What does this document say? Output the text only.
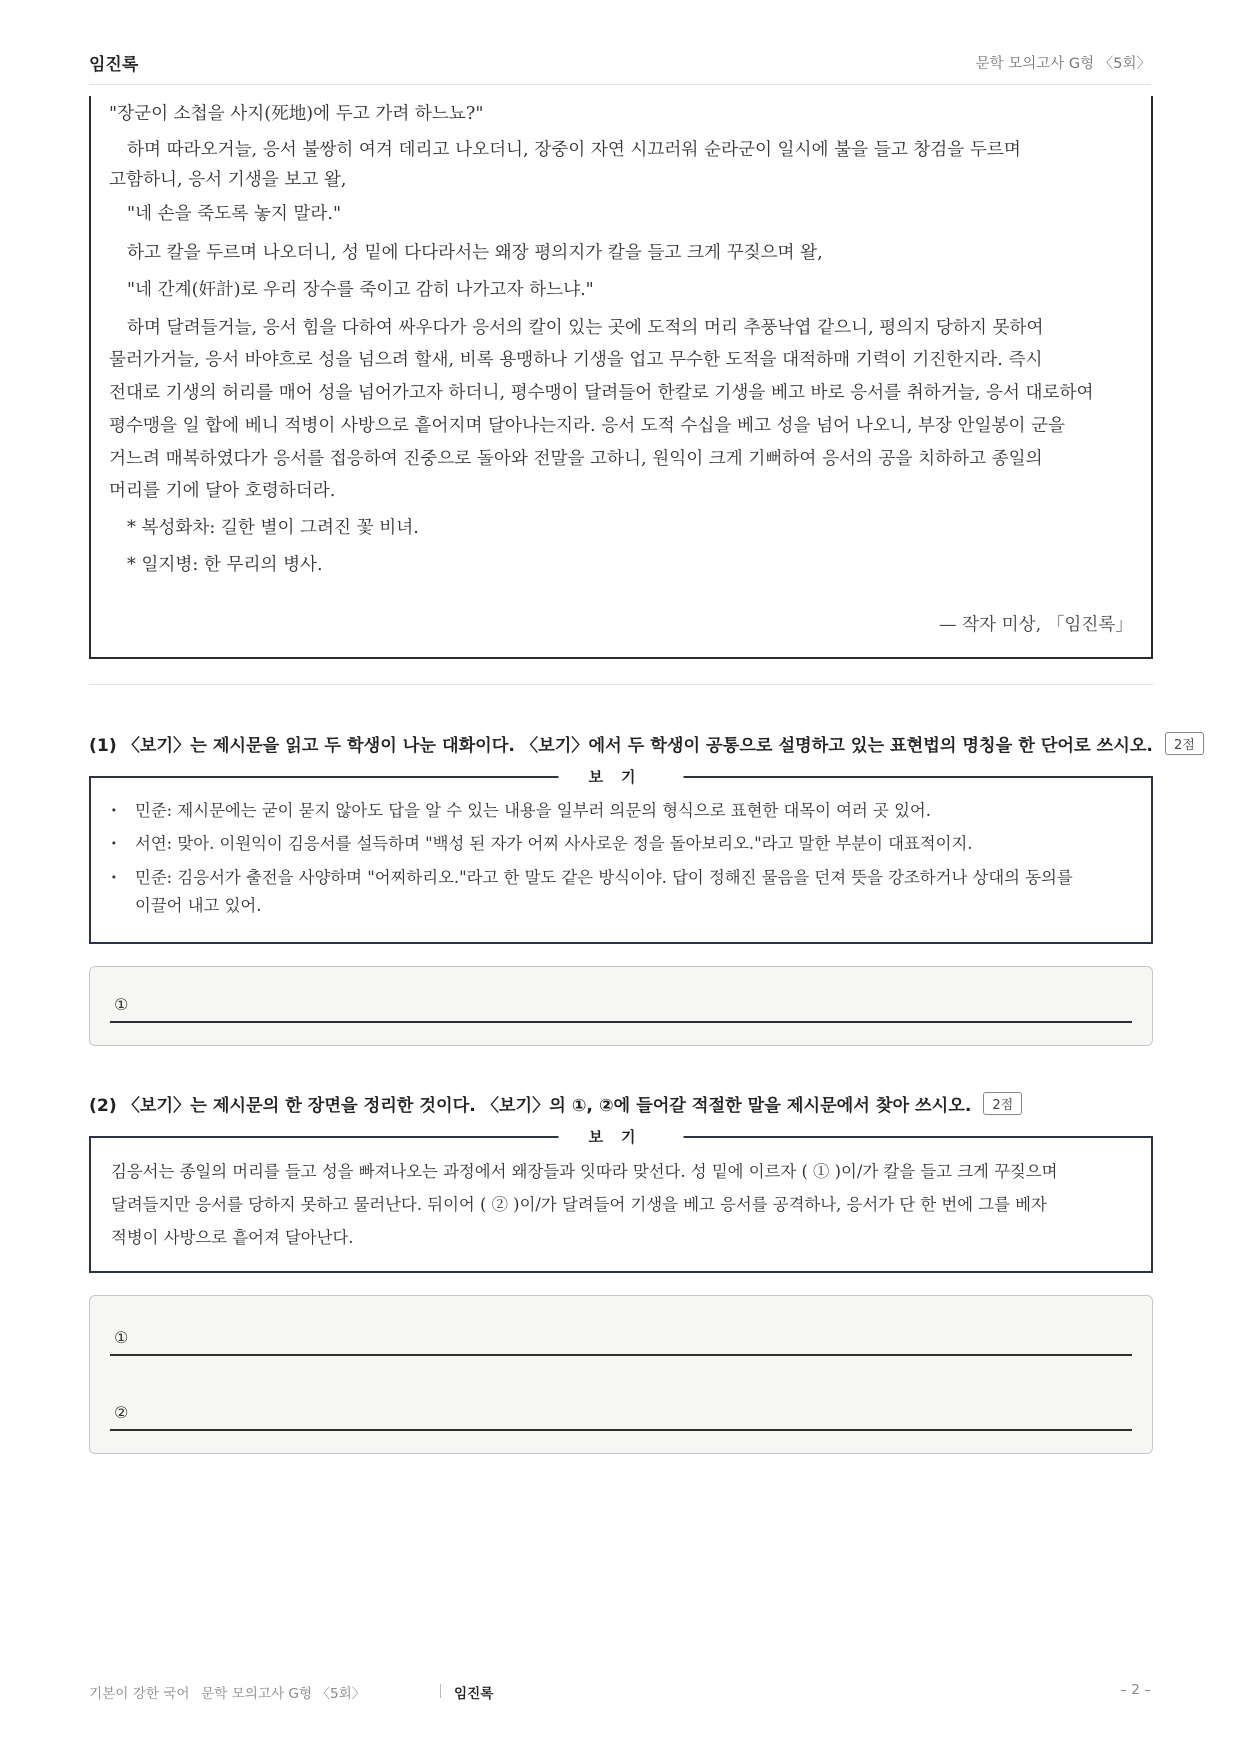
임진록	문학 모의고사 G형 〈5회〉

"장군이 소첩을 사지(死地)에 두고 가려 하느뇨?"

하며 따라오거늘, 응서 불쌍히 여겨 데리고 나오더니, 장중이 자연 시끄러워 순라군이 일시에 불을 들고 창검을 두르며

고함하니, 응서 기생을 보고 왈,

"네 손을 죽도록 놓지 말라."

하고 칼을 두르며 나오더니, 성 밑에 다다라서는 왜장 평의지가 칼을 들고 크게 꾸짖으며 왈,

"네 간계(奸計)로 우리 장수를 죽이고 감히 나가고자 하느냐."

하며 달려들거늘, 응서 힘을 다하여 싸우다가 응서의 칼이 있는 곳에 도적의 머리 추풍낙엽 같으니, 평의지 당하지 못하여

물러가거늘, 응서 바야흐로 성을 넘으려 할새, 비록 용맹하나 기생을 업고 무수한 도적을 대적하매 기력이 기진한지라. 즉시

전대로 기생의 허리를 매어 성을 넘어가고자 하더니, 평수맹이 달려들어 한칼로 기생을 베고 바로 응서를 취하거늘, 응서 대로하여

평수맹을 일 합에 베니 적병이 사방으로 흩어지며 달아나는지라. 응서 도적 수십을 베고 성을 넘어 나오니, 부장 안일봉이 군을

거느려 매복하였다가 응서를 접응하여 진중으로 돌아와 전말을 고하니, 원익이 크게 기뻐하여 응서의 공을 치하하고 종일의

머리를 기에 달아 호령하더라.

* 복성화차: 길한 별이 그려진 꽃 비녀.

* 일지병: 한 무리의 병사.

— 작자 미상, 「임진록」

(1) 〈보기〉는 제시문을 읽고 두 학생이 나눈 대화이다. 〈보기〉에서 두 학생이 공통으로 설명하고 있는 표현법의 명칭을 한 단어로 쓰시오. 2점
보기
· 민준: 제시문에는 굳이 묻지 않아도 답을 알 수 있는 내용을 일부러 의문의 형식으로 표현한 대목이 여러 곳 있어.
· 서연: 맞아. 이원익이 김응서를 설득하며 "백성 된 자가 어찌 사사로운 정을 돌아보리오."라고 말한 부분이 대표적이지.
· 민준: 김응서가 출전을 사양하며 "어찌하리오."라고 한 말도 같은 방식이야. 답이 정해진 물음을 던져 뜻을 강조하거나 상대의 동의를
이끌어 내고 있어.
①
(2) 〈보기〉는 제시문의 한 장면을 정리한 것이다. 〈보기〉의 ①, ②에 들어갈 적절한 말을 제시문에서 찾아 쓰시오. 2점
보기
김응서는 종일의 머리를 들고 성을 빠져나오는 과정에서 왜장들과 잇따라 맞선다. 성 밑에 이르자 ( ① )이/가 칼을 들고 크게 꾸짖으며
달려들지만 응서를 당하지 못하고 물러난다. 뒤이어 ( ② )이/가 달려들어 기생을 베고 응서를 공격하나, 응서가 단 한 번에 그를 베자
적병이 사방으로 흩어져 달아난다.
①
②
기본이 강한 국어 문학 모의고사 G형 〈5회〉	임진록	– 2 –
